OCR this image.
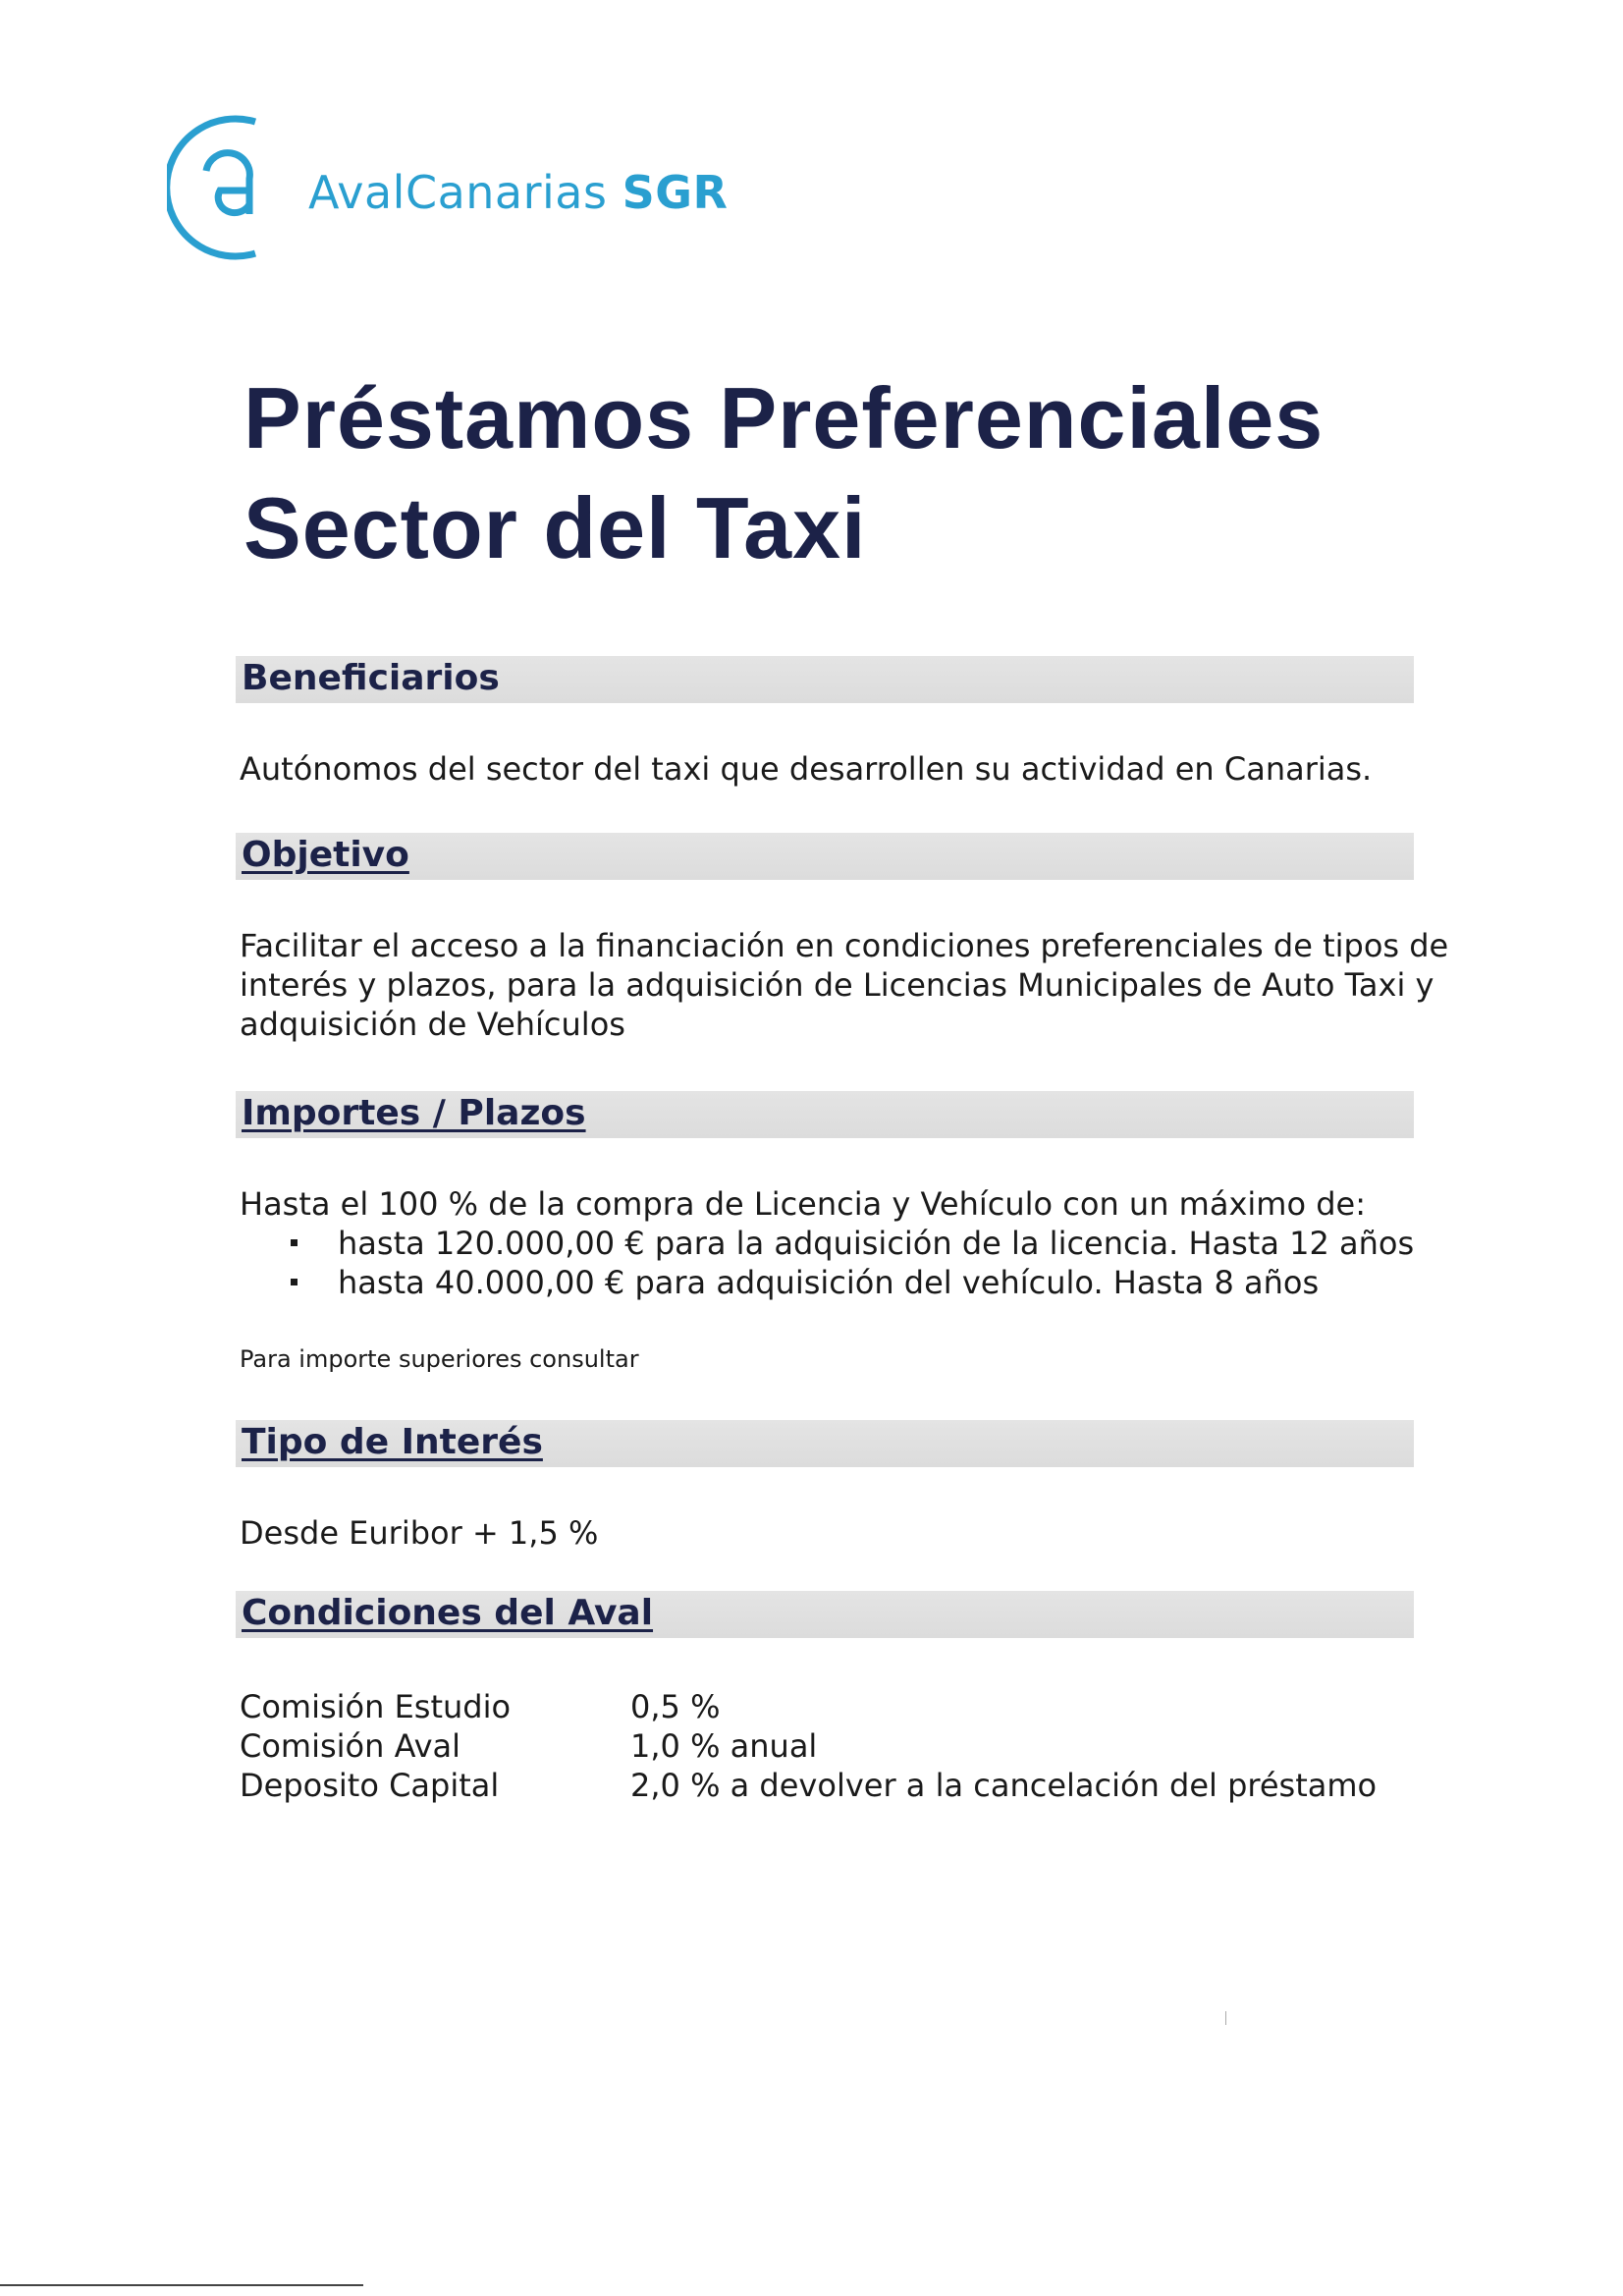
AvalCanarias SGR
Préstamos Preferenciales
Sector del Taxi
Beneficiarios
Autónomos del sector del taxi que desarrollen su actividad en Canarias.
Objetivo
Facilitar el acceso a la financiación en condiciones preferenciales de tipos de
interés y plazos, para la adquisición de Licencias Municipales de Auto Taxi y
adquisición de Vehículos
Importes / Plazos
Hasta el 100 % de la compra de Licencia y Vehículo con un máximo de:
hasta 120.000,00 € para la adquisición de la licencia. Hasta 12 años
hasta 40.000,00 € para adquisición del vehículo. Hasta 8 años
Para importe superiores consultar
Tipo de Interés
Desde Euribor + 1,5 %
Condiciones del Aval
Comisión Estudio	0,5 %
Comisión Aval	1,0 % anual
Deposito Capital	2,0 % a devolver a la cancelación del préstamo
